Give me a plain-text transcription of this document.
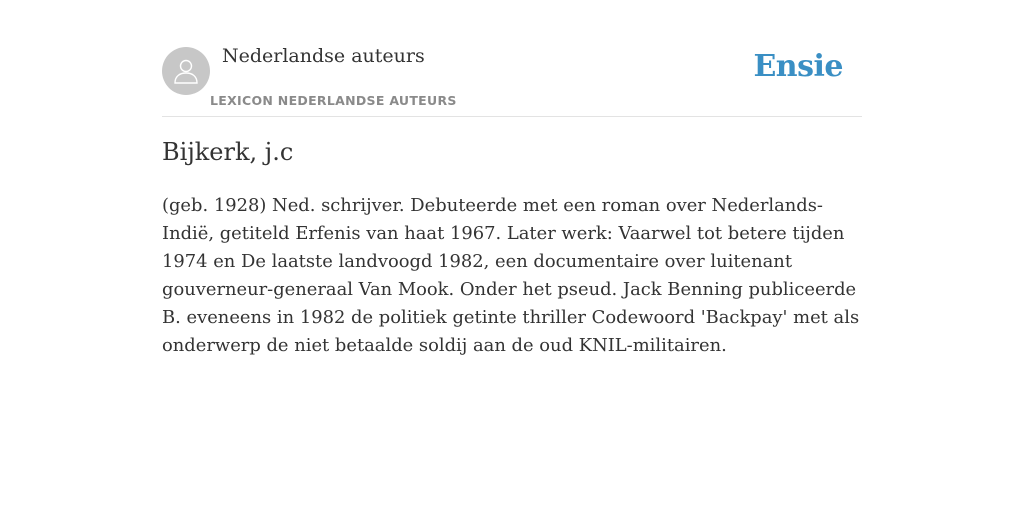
Nederlandse auteurs
LEXICON NEDERLANDSE AUTEURS
Ensie
Bijkerk, j.c

(geb. 1928) Ned. schrijver. Debuteerde met een roman over Nederlands-Indië, getiteld Erfenis van haat 1967. Later werk: Vaarwel tot betere tijden 1974 en De laatste landvoogd 1982, een documentaire over luitenant gouverneur-generaal Van Mook. Onder het pseud. Jack Benning publiceerde B. eveneens in 1982 de politiek getinte thriller Codewoord 'Backpay' met als onderwerp de niet betaalde soldij aan de oud KNIL-militairen.
